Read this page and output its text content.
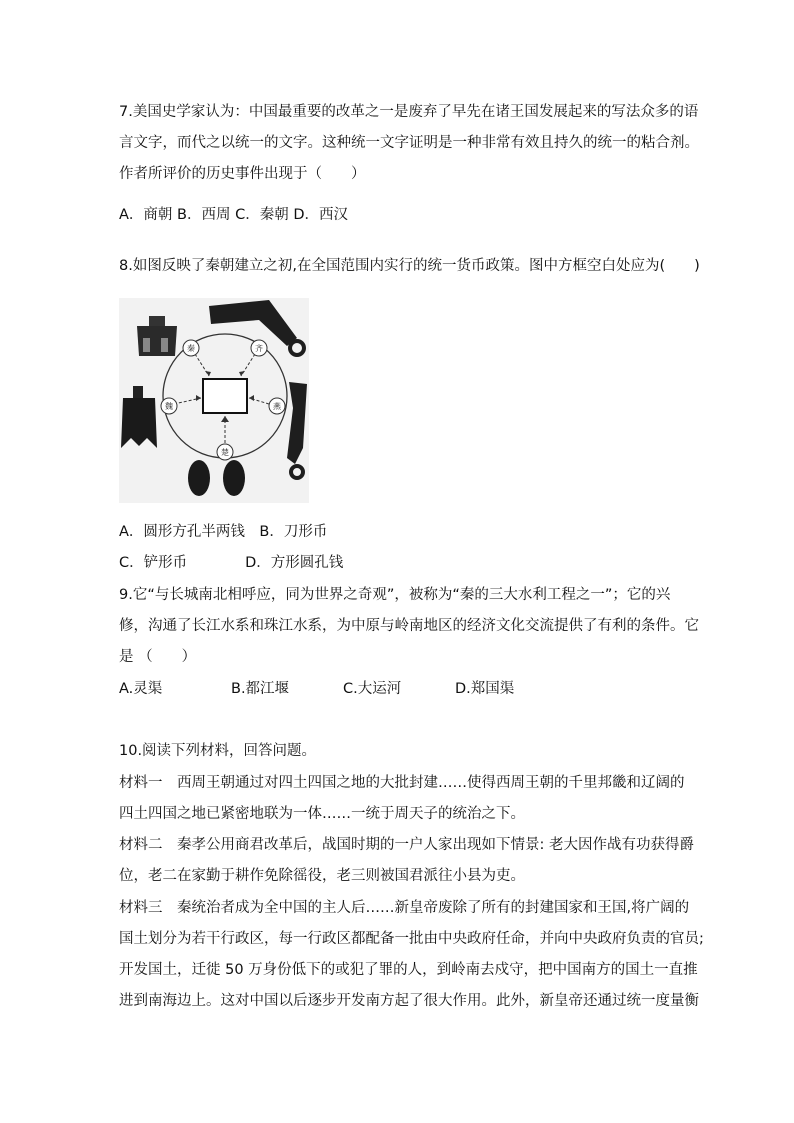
7.美国史学家认为：中国最重要的改革之一是废弃了早先在诸王国发展起来的写法众多的语
言文字，而代之以统一的文字。这种统一文字证明是一种非常有效且持久的统一的粘合剂。
作者所评价的历史事件出现于（　　）
A．商朝 B．西周 C．秦朝 D．西汉
8.如图反映了秦朝建立之初,在全国范围内实行的统一货币政策。图中方框空白处应为(　　)
秦	齐
魏	燕
楚
A．圆形方孔半两钱　B．刀形币
C．铲形币　　　　D．方形圆孔钱
9.它“与长城南北相呼应，同为世界之奇观”，被称为“秦的三大水利工程之一”；它的兴
修，沟通了长江水系和珠江水系，为中原与岭南地区的经济文化交流提供了有利的条件。它
是 （　　）
A.灵渠	B.都江堰	C.大运河	D.郑国渠
10.阅读下列材料，回答问题。
材料一　西周王朝通过对四土四国之地的大批封建……使得西周王朝的千里邦畿和辽阔的
四土四国之地已紧密地联为一体……一统于周天子的统治之下。
材料二　秦孝公用商君改革后，战国时期的一户人家出现如下情景: 老大因作战有功获得爵
位，老二在家勤于耕作免除徭役，老三则被国君派往小县为吏。
材料三　秦统治者成为全中国的主人后……新皇帝废除了所有的封建国家和王国,将广阔的
国土划分为若干行政区，每一行政区都配备一批由中央政府任命，并向中央政府负责的官员;
开发国土，迁徙 50 万身份低下的或犯了罪的人，到岭南去戍守，把中国南方的国土一直推
进到南海边上。这对中国以后逐步开发南方起了很大作用。此外，新皇帝还通过统一度量衡
